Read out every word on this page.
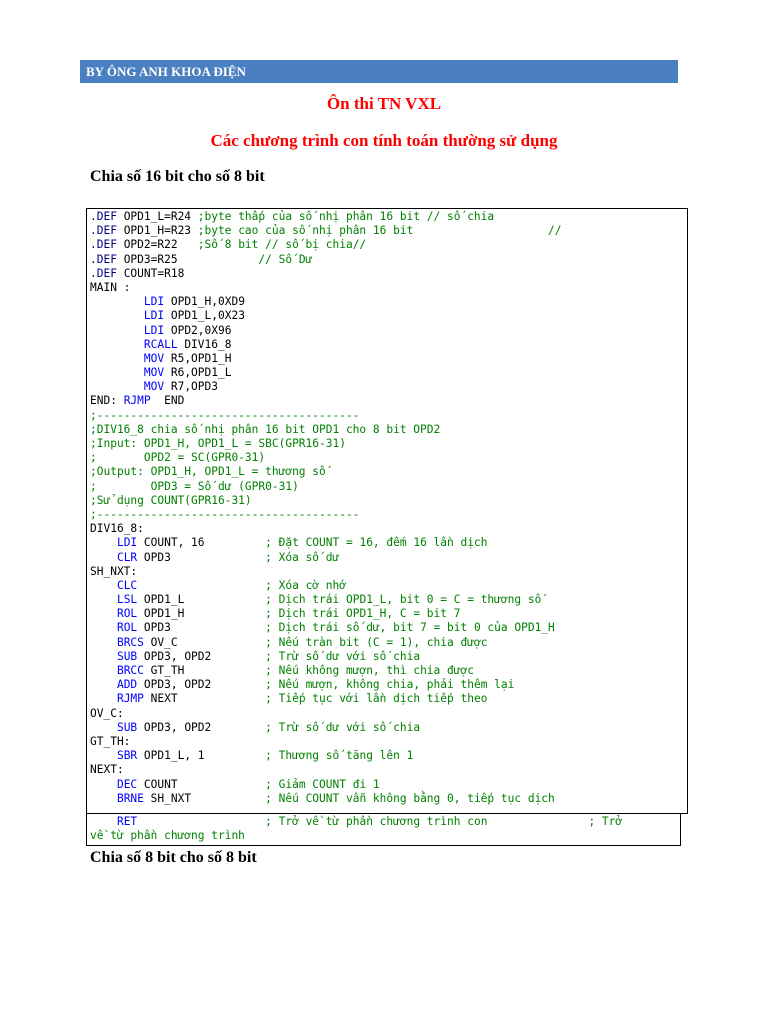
BY ÔNG ANH KHOA ĐIỆN
Ôn thi TN VXL
Các chương trình con tính toán thường sử dụng
Chia số 16 bit cho số 8 bit
.DEF OPD1_L=R24 ;byte thấp của số nhị phân 16 bit // số chia
.DEF OPD1_H=R23 ;byte cao của số nhị phân 16 bit                    //
.DEF OPD2=R22   ;Số 8 bit // số bị chia//
.DEF OPD3=R25            // Số Dư
.DEF COUNT=R18
MAIN :
LDI OPD1_H,0XD9
LDI OPD1_L,0X23
LDI OPD2,0X96
RCALL DIV16_8
MOV R5,OPD1_H
MOV R6,OPD1_L
MOV R7,OPD3
END: RJMP  END
;---------------------------------------
;DIV16_8 chia số nhị phân 16 bit OPD1 cho 8 bit OPD2
;Input: OPD1_H, OPD1_L = SBC(GPR16-31)
;       OPD2 = SC(GPR0-31)
;Output: OPD1_H, OPD1_L = thương số
;        OPD3 = Số dư (GPR0-31)
;Sử dụng COUNT(GPR16-31)
;---------------------------------------
DIV16_8:
LDI COUNT, 16         ; Đặt COUNT = 16, đếm 16 lần dịch
CLR OPD3              ; Xóa số dư
SH_NXT:
CLC	; Xóa cờ nhớ
LSL OPD1_L            ; Dịch trái OPD1_L, bit 0 = C = thương số
ROL OPD1_H            ; Dịch trái OPD1_H, C = bit 7
ROL OPD3              ; Dịch trái số dư, bit 7 = bit 0 của OPD1_H
BRCS OV_C             ; Nếu tràn bit (C = 1), chia được
SUB OPD3, OPD2        ; Trừ số dư với số chia
BRCC GT_TH            ; Nếu không mượn, thì chia được
ADD OPD3, OPD2        ; Nếu mượn, không chia, phải thêm lại
RJMP NEXT             ; Tiếp tục với lần dịch tiếp theo
OV_C:
SUB OPD3, OPD2        ; Trừ số dư với số chia
GT_TH:
SBR OPD1_L, 1         ; Thương số tăng lên 1
NEXT:
DEC COUNT             ; Giảm COUNT đi 1
BRNE SH_NXT           ; Nếu COUNT vẫn không bằng 0, tiếp tục dịch
RET	; Trở về từ phần chương trình con               ; Trở
về từ phần chương trình
Chia số 8 bit cho số 8 bit
